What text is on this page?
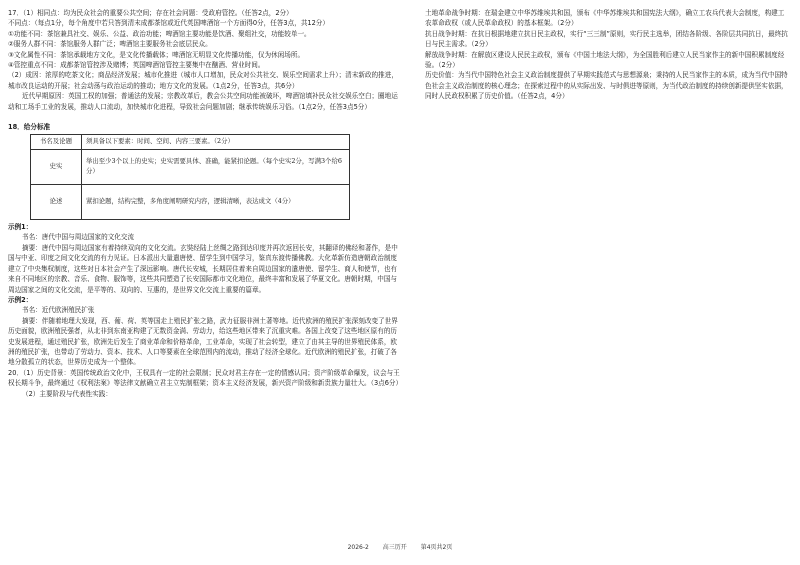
17．（1）相同点：均为民众社会的重要公共空间；存在社会问题：受政府管控。（任答2点，2分）

不同点：（每点1分，每个角度中若只答到清末成都茶馆或近代英国啤酒馆一个方面得0分，任答3点，共12分）

①功能不同：茶馆兼具社交、娱乐、公益、政治功能；啤酒馆主要功能是饮酒、聚组社交，功能较单一。

②服务人群不同：茶馆服务人群广泛；啤酒馆主要服务社会底层民众。

③文化属性不同：茶馆承载地方文化，是文化传播载体；啤酒馆无明显文化传播功能，仅为休闲场所。

④管控重点不同：成都茶馆管控涉及赌博；英国啤酒馆管控主要集中在酗酒、营业时间。

（2）成因：浓厚的吃茶文化；商品经济发展；城市化推进（城市人口增加，民众对公共社交、娱乐空间需求上升）；清末新政的推进，城市改良运动的开展；社会动荡与政治运动的推动；地方文化的发展。（1点2分，任答3点，共6分）

近代早期原因：英国工权的加强；普通法的发展；宗教改革后，教会公共空间功能被破坏，啤酒馆填补民众社交娱乐空白；圈地运动和工场手工业的发展，推动人口流动，加快城市化进程，导致社会问题加剧；继承传统娱乐习俗。（1点2分，任答3点5分）

18．给分标准

书名及论题	须具备以下要素：时间、空间、内容三要素。（2分）
史实	举出至少3个以上的史实；史实需要具体、准确，能紧扣论题。（每个史实2分，写满3个给6分）
论述	紧扣论题，结构完整，多角度阐明研究内容，逻辑清晰，表达成文（4分）

示例1：

书名：唐代中国与周边国家的文化交流

摘要：唐代中国与周边国家有着持续双向的文化交流。玄奘经陆上丝绸之路到达印度并再次返回长安，其翻译的佛经和著作，是中国与中亚、印度之间文化交流的有力见证。日本派出大量遣唐使、留学生到中国学习，鉴真东渡传播佛教。大化革新仿造唐朝政治制度建立了中央集权制度，这些对日本社会产生了深远影响。唐代长安城，长期居住着来自周边国家的遣唐使、留学生、商人和使节，也有来自不同地区的宗教、音乐、食物、服饰等，这些共同塑造了长安国际都市文化地位，最终丰富和发展了华夏文化。唐朝时期，中国与周边国家之间的文化交流，是平等的、双向的、互惠的，是世界文化交流上重要的篇章。

示例2：

书名：近代欧洲殖民扩张

摘要：伴随着地理大发现，西、葡、荷、英等国走上殖民扩张之路，武力征服非洲土著等地。近代欧洲的殖民扩张深刻改变了世界历史面貌，欧洲殖民强者，从北非到东南亚构建了无数资金满、劳动力，给这些地区带来了沉重灾难。各国上改变了这些地区原有的历史发展进程，通过殖民扩张，欧洲先后发生了商业革命和价格革命，工业革命，实现了社会转型，建立了由其主导的世界殖民体系，欧洲的殖民扩张，也带动了劳动力、资本、技术、人口等要素在全球范围内的流动，推动了经济全球化。近代欧洲的殖民扩张，打破了各地分散孤立的状态，世界历史成为一个整体。

20．（1）历史背景：英国传统政治文化中，王权具有一定的社会限制；民众对君主存在一定的情感认同；资产阶级革命爆发，议会与王权长期斗争，最终通过《权利法案》等法律文献确立君主立宪制框架；资本主义经济发展，新兴资产阶级和新贵族力量壮大。（3点6分）

（2）主要阶段与代表性实践：

土地革命战争时期：在瑞金建立中华苏维埃共和国，颁布《中华苏维埃共和国宪法大纲》，确立工农兵代表大会制度，构建工农革命政权（或人民革命政权）的基本框架。（2分）

抗日战争时期：在抗日根据地建立抗日民主政权，实行“三三制”原则，实行民主选举，团结各阶级、各阶层共同抗日，最终抗日与民主需求。（2分）

解放战争时期：在解放区建设人民民主政权，颁布《中国土地法大纲》，为全国胜利后建立人民当家作主的新中国积累制度经验。（2分）

历史价值：为当代中国特色社会主义政治制度提供了早期实践范式与思想源泉；秉持的人民当家作主的本质，成为当代中国特色社会主义政治制度的核心理念；在探索过程中的从实际出发、与时俱进等原则，为当代政治制度的持续创新提供坚实依据，同时人民政权积累了历史价值。（任答2点，4分）

2026-2 高三历开 第4页共2页
